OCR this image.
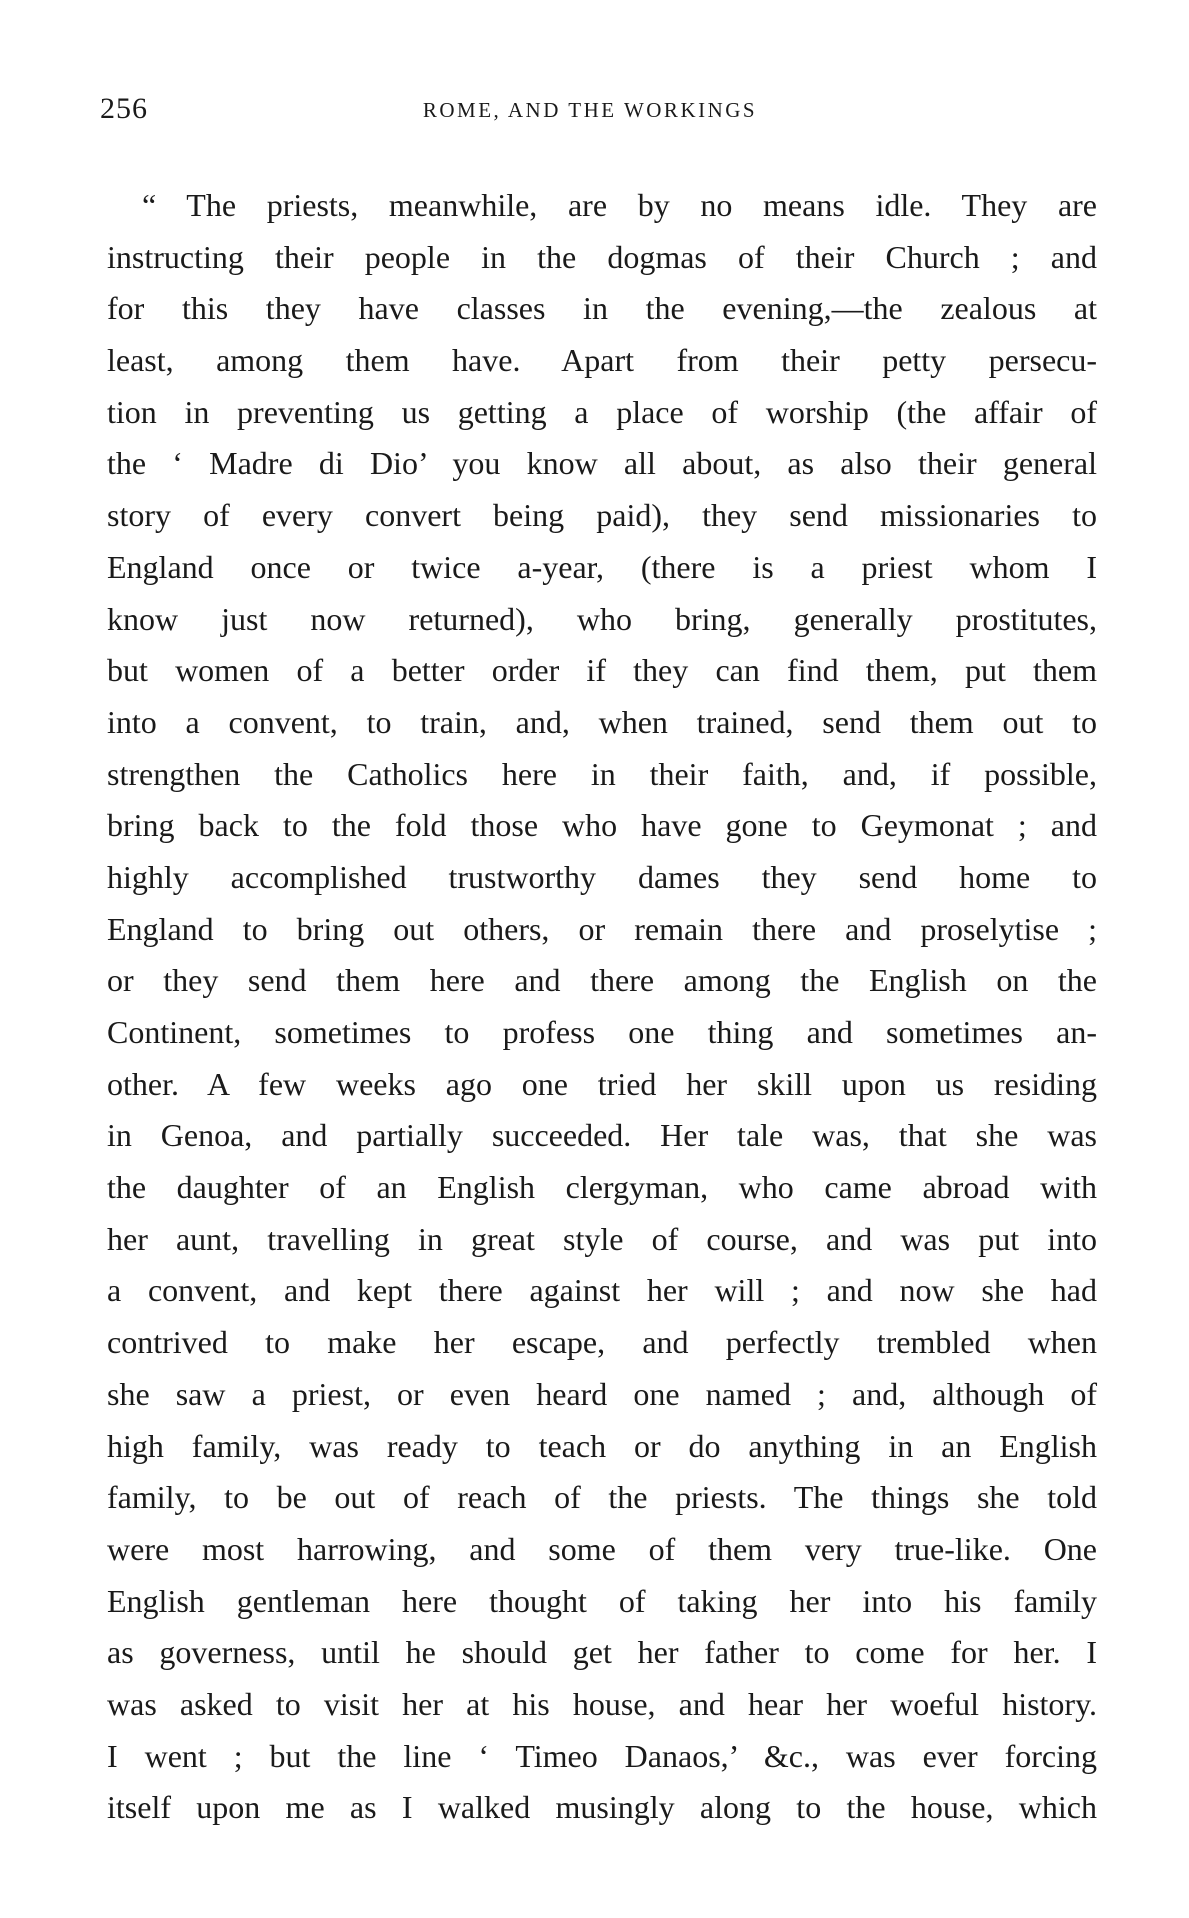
256	ROME, AND THE WORKINGS
“ The priests, meanwhile, are by no means idle. They are
instructing their people in the dogmas of their Church ; and
for this they have classes in the evening,—the zealous at
least, among them have. Apart from their petty persecu-
tion in preventing us getting a place of worship (the affair of
the ‘ Madre di Dio’ you know all about, as also their general
story of every convert being paid), they send missionaries to
England once or twice a-year, (there is a priest whom I
know just now returned), who bring, generally prostitutes,
but women of a better order if they can find them, put them
into a convent, to train, and, when trained, send them out to
strengthen the Catholics here in their faith, and, if possible,
bring back to the fold those who have gone to Geymonat ; and
highly accomplished trustworthy dames they send home to
England to bring out others, or remain there and proselytise ;
or they send them here and there among the English on the
Continent, sometimes to profess one thing and sometimes an-
other. A few weeks ago one tried her skill upon us residing
in Genoa, and partially succeeded. Her tale was, that she was
the daughter of an English clergyman, who came abroad with
her aunt, travelling in great style of course, and was put into
a convent, and kept there against her will ; and now she had
contrived to make her escape, and perfectly trembled when
she saw a priest, or even heard one named ; and, although of
high family, was ready to teach or do anything in an English
family, to be out of reach of the priests. The things she told
were most harrowing, and some of them very true-like. One
English gentleman here thought of taking her into his family
as governess, until he should get her father to come for her. I
was asked to visit her at his house, and hear her woeful history.
I went ; but the line ‘ Timeo Danaos,’ &c., was ever forcing
itself upon me as I walked musingly along to the house, which
